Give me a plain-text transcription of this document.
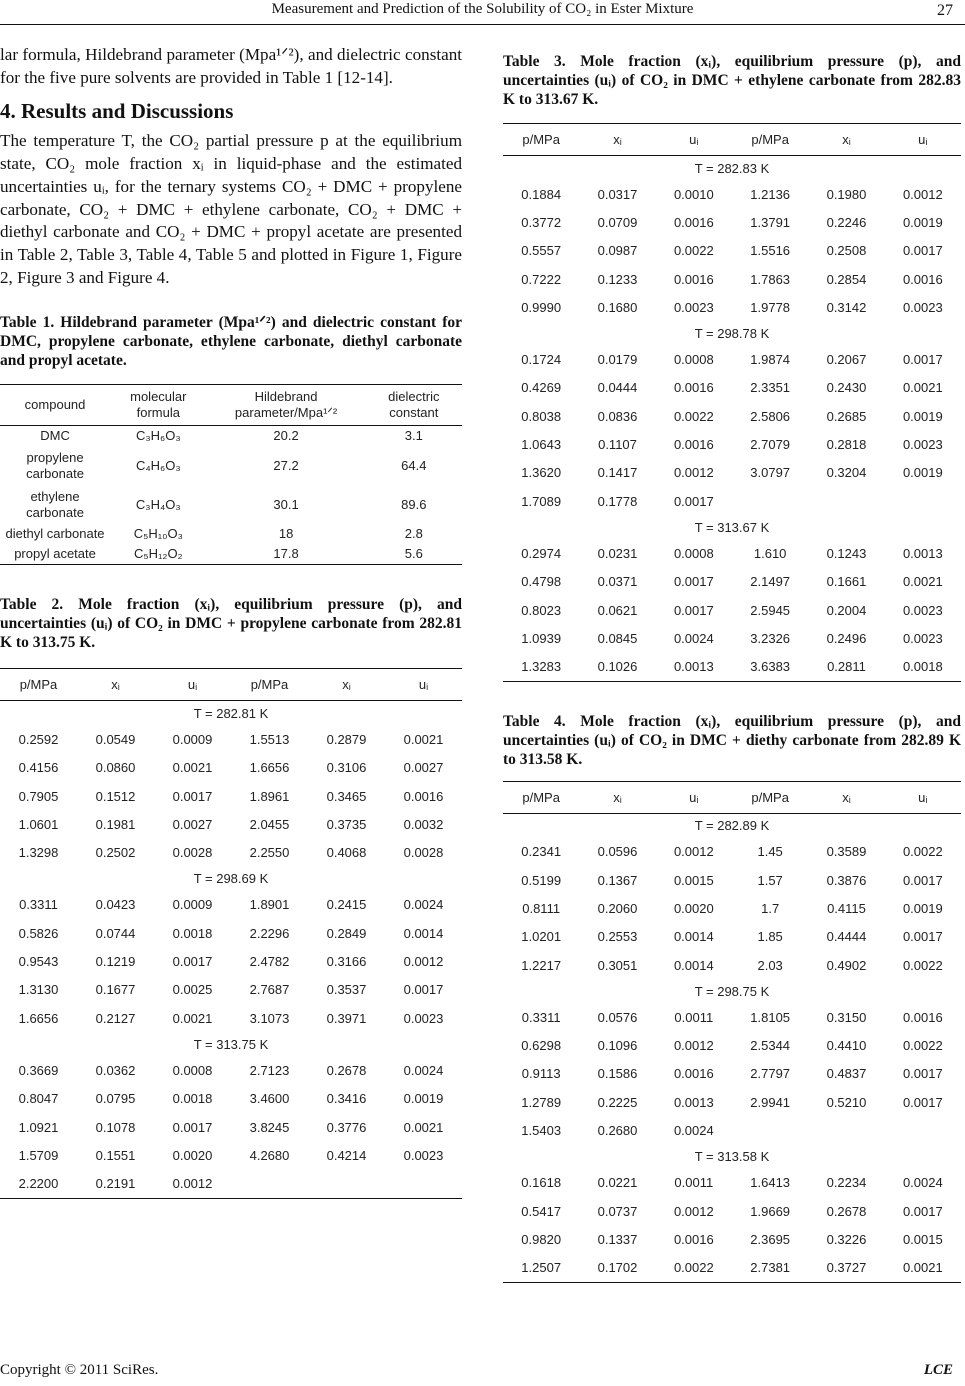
Measurement and Prediction of the Solubility of CO₂ in Ester Mixture	27

lar formula, Hildebrand parameter (Mpa¹ᐟ²), and dielectric constant for the five pure solvents are provided in Table 1 [12-14].

4. Results and Discussions

The temperature T, the CO₂ partial pressure p at the equilibrium state, CO₂ mole fraction xᵢ in liquid-phase and the estimated uncertainties uᵢ, for the ternary systems CO₂ + DMC + propylene carbonate, CO₂ + DMC + ethylene carbonate, CO₂ + DMC + diethyl carbonate and CO₂ + DMC + propyl acetate are presented in Table 2, Table 3, Table 4, Table 5 and plotted in Figure 1, Figure 2, Figure 3 and Figure 4.

Table 1. Hildebrand parameter (Mpa¹ᐟ²) and dielectric constant for DMC, propylene carbonate, ethylene carbonate, diethyl carbonate and propyl acetate.

compound	molecular formula	Hildebrand parameter/Mpa¹ᐟ²	dielectric constant
DMC	C₃H₆O₃	20.2	3.1
propylene carbonate	C₄H₆O₃	27.2	64.4
ethylene carbonate	C₃H₄O₃	30.1	89.6
diethyl carbonate	C₅H₁₀O₃	18	2.8
propyl acetate	C₅H₁₂O₂	17.8	5.6

Table 2. Mole fraction (xᵢ), equilibrium pressure (p), and uncertainties (uᵢ) of CO₂ in DMC + propylene carbonate from 282.81 K to 313.75 K.

p/MPa	xᵢ	uᵢ	p/MPa	xᵢ	uᵢ
T = 282.81 K					
0.2592	0.0549	0.0009	1.5513	0.2879	0.0021
0.4156	0.0860	0.0021	1.6656	0.3106	0.0027
0.7905	0.1512	0.0017	1.8961	0.3465	0.0016
1.0601	0.1981	0.0027	2.0455	0.3735	0.0032
1.3298	0.2502	0.0028	2.2550	0.4068	0.0028
T = 298.69 K					
0.3311	0.0423	0.0009	1.8901	0.2415	0.0024
0.5826	0.0744	0.0018	2.2296	0.2849	0.0014
0.9543	0.1219	0.0017	2.4782	0.3166	0.0012
1.3130	0.1677	0.0025	2.7687	0.3537	0.0017
1.6656	0.2127	0.0021	3.1073	0.3971	0.0023
T = 313.75 K					
0.3669	0.0362	0.0008	2.7123	0.2678	0.0024
0.8047	0.0795	0.0018	3.4600	0.3416	0.0019
1.0921	0.1078	0.0017	3.8245	0.3776	0.0021
1.5709	0.1551	0.0020	4.2680	0.4214	0.0023
2.2200	0.2191	0.0012			

Table 3. Mole fraction (xᵢ), equilibrium pressure (p), and uncertainties (uᵢ) of CO₂ in DMC + ethylene carbonate from 282.83 K to 313.67 K.

p/MPa	xᵢ	uᵢ	p/MPa	xᵢ	uᵢ
T = 282.83 K					
0.1884	0.0317	0.0010	1.2136	0.1980	0.0012
0.3772	0.0709	0.0016	1.3791	0.2246	0.0019
0.5557	0.0987	0.0022	1.5516	0.2508	0.0017
0.7222	0.1233	0.0016	1.7863	0.2854	0.0016
0.9990	0.1680	0.0023	1.9778	0.3142	0.0023
T = 298.78 K					
0.1724	0.0179	0.0008	1.9874	0.2067	0.0017
0.4269	0.0444	0.0016	2.3351	0.2430	0.0021
0.8038	0.0836	0.0022	2.5806	0.2685	0.0019
1.0643	0.1107	0.0016	2.7079	0.2818	0.0023
1.3620	0.1417	0.0012	3.0797	0.3204	0.0019
1.7089	0.1778	0.0017			
T = 313.67 K					
0.2974	0.0231	0.0008	1.610	0.1243	0.0013
0.4798	0.0371	0.0017	2.1497	0.1661	0.0021
0.8023	0.0621	0.0017	2.5945	0.2004	0.0023
1.0939	0.0845	0.0024	3.2326	0.2496	0.0023
1.3283	0.1026	0.0013	3.6383	0.2811	0.0018

Table 4. Mole fraction (xᵢ), equilibrium pressure (p), and uncertainties (uᵢ) of CO₂ in DMC + diethy carbonate from 282.89 K to 313.58 K.

p/MPa	xᵢ	uᵢ	p/MPa	xᵢ	uᵢ
T = 282.89 K					
0.2341	0.0596	0.0012	1.45	0.3589	0.0022
0.5199	0.1367	0.0015	1.57	0.3876	0.0017
0.8111	0.2060	0.0020	1.7	0.4115	0.0019
1.0201	0.2553	0.0014	1.85	0.4444	0.0017
1.2217	0.3051	0.0014	2.03	0.4902	0.0022
T = 298.75 K					
0.3311	0.0576	0.0011	1.8105	0.3150	0.0016
0.6298	0.1096	0.0012	2.5344	0.4410	0.0022
0.9113	0.1586	0.0016	2.7797	0.4837	0.0017
1.2789	0.2225	0.0013	2.9941	0.5210	0.0017
1.5403	0.2680	0.0024			
T = 313.58 K					
0.1618	0.0221	0.0011	1.6413	0.2234	0.0024
0.5417	0.0737	0.0012	1.9669	0.2678	0.0017
0.9820	0.1337	0.0016	2.3695	0.3226	0.0015
1.2507	0.1702	0.0022	2.7381	0.3727	0.0021
Copyright © 2011 SciRes.	LCE
